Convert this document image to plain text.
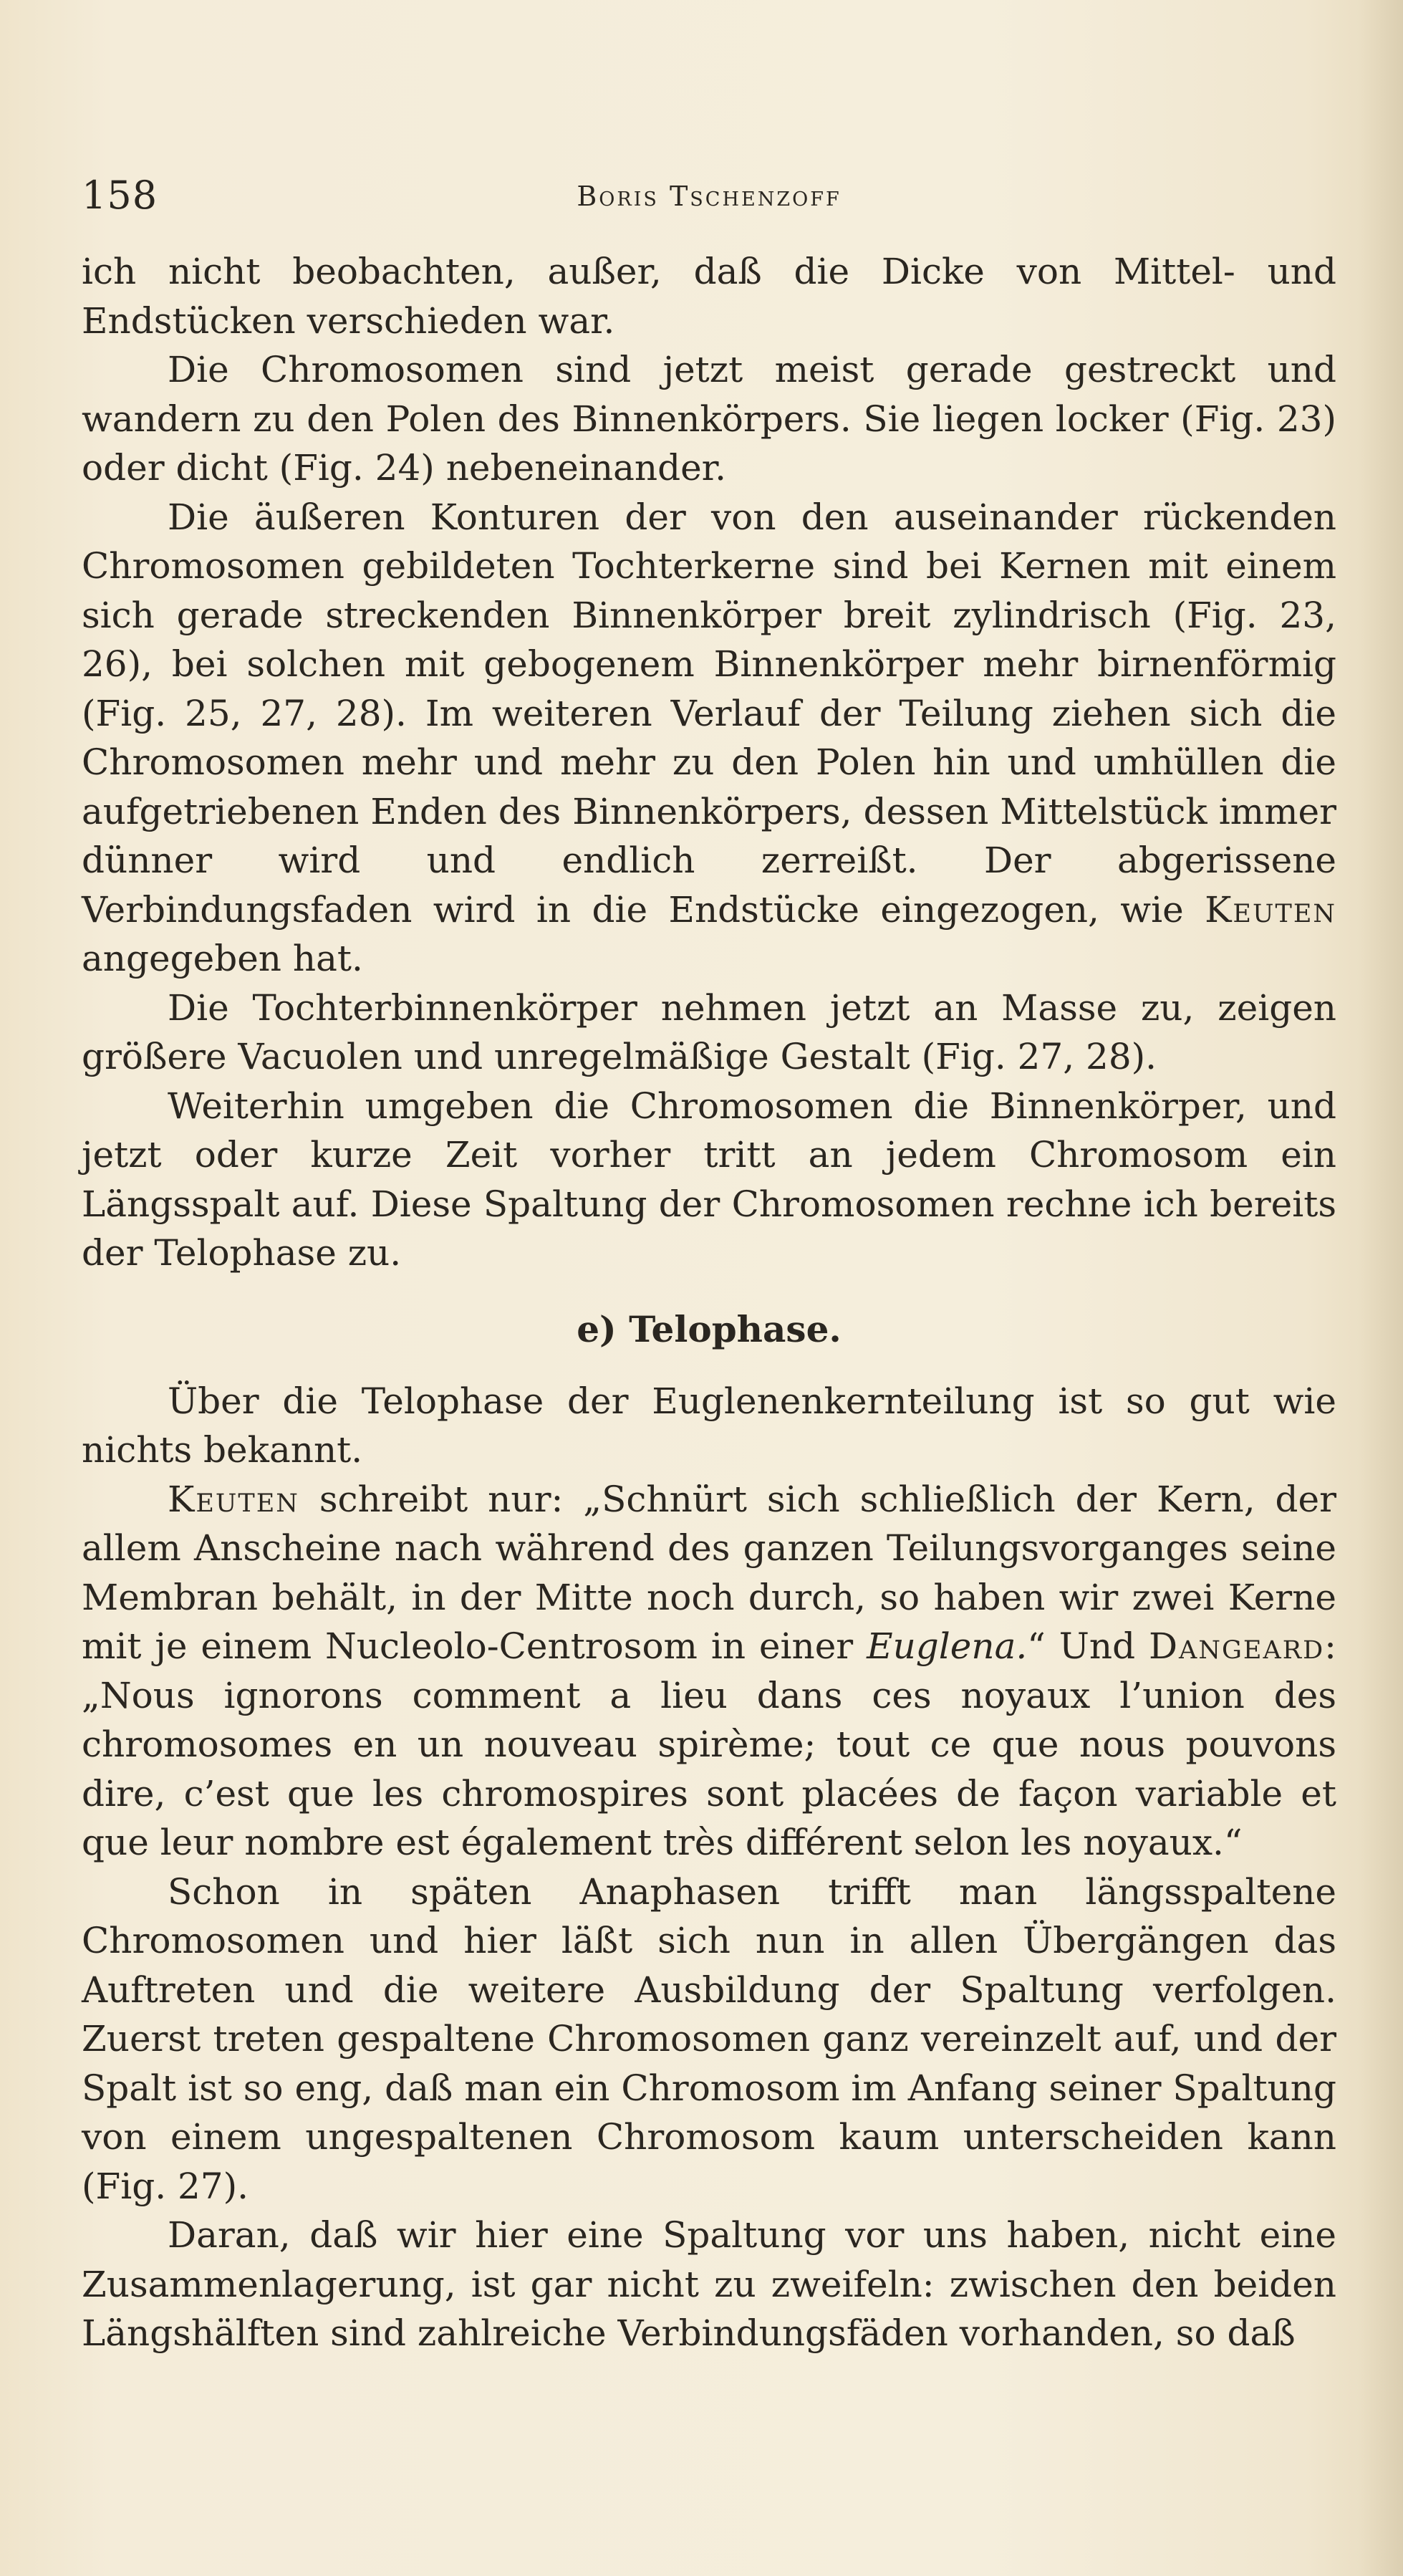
158	Boris Tschenzoff

ich nicht beobachten, außer, daß die Dicke von Mittel- und Endstücken verschieden war.

Die Chromosomen sind jetzt meist gerade gestreckt und wandern zu den Polen des Binnenkörpers. Sie liegen locker (Fig. 23) oder dicht (Fig. 24) nebeneinander.

Die äußeren Konturen der von den auseinander rückenden Chromosomen gebildeten Tochterkerne sind bei Kernen mit einem sich gerade streckenden Binnenkörper breit zylindrisch (Fig. 23, 26), bei solchen mit gebogenem Binnenkörper mehr birnenförmig (Fig. 25, 27, 28). Im weiteren Verlauf der Teilung ziehen sich die Chromosomen mehr und mehr zu den Polen hin und umhüllen die aufgetriebenen Enden des Binnenkörpers, dessen Mittelstück immer dünner wird und endlich zerreißt. Der abgerissene Verbindungsfaden wird in die Endstücke eingezogen, wie Keuten angegeben hat.

Die Tochterbinnenkörper nehmen jetzt an Masse zu, zeigen größere Vacuolen und unregelmäßige Gestalt (Fig. 27, 28).

Weiterhin umgeben die Chromosomen die Binnenkörper, und jetzt oder kurze Zeit vorher tritt an jedem Chromosom ein Längsspalt auf. Diese Spaltung der Chromosomen rechne ich bereits der Telophase zu.

e) Telophase.

Über die Telophase der Euglenenkernteilung ist so gut wie nichts bekannt.

Keuten schreibt nur: „Schnürt sich schließlich der Kern, der allem Anscheine nach während des ganzen Teilungsvorganges seine Membran behält, in der Mitte noch durch, so haben wir zwei Kerne mit je einem Nucleolo-Centrosom in einer Euglena.“ Und Dangeard: „Nous ignorons comment a lieu dans ces noyaux l’union des chromosomes en un nouveau spirème; tout ce que nous pouvons dire, c’est que les chromospires sont placées de façon variable et que leur nombre est également très différent selon les noyaux.“

Schon in späten Anaphasen trifft man längsspaltene Chromosomen und hier läßt sich nun in allen Übergängen das Auftreten und die weitere Ausbildung der Spaltung verfolgen. Zuerst treten gespaltene Chromosomen ganz vereinzelt auf, und der Spalt ist so eng, daß man ein Chromosom im Anfang seiner Spaltung von einem ungespaltenen Chromosom kaum unterscheiden kann (Fig. 27).

Daran, daß wir hier eine Spaltung vor uns haben, nicht eine Zusammenlagerung, ist gar nicht zu zweifeln: zwischen den beiden Längshälften sind zahlreiche Verbindungsfäden vorhanden, so daß
